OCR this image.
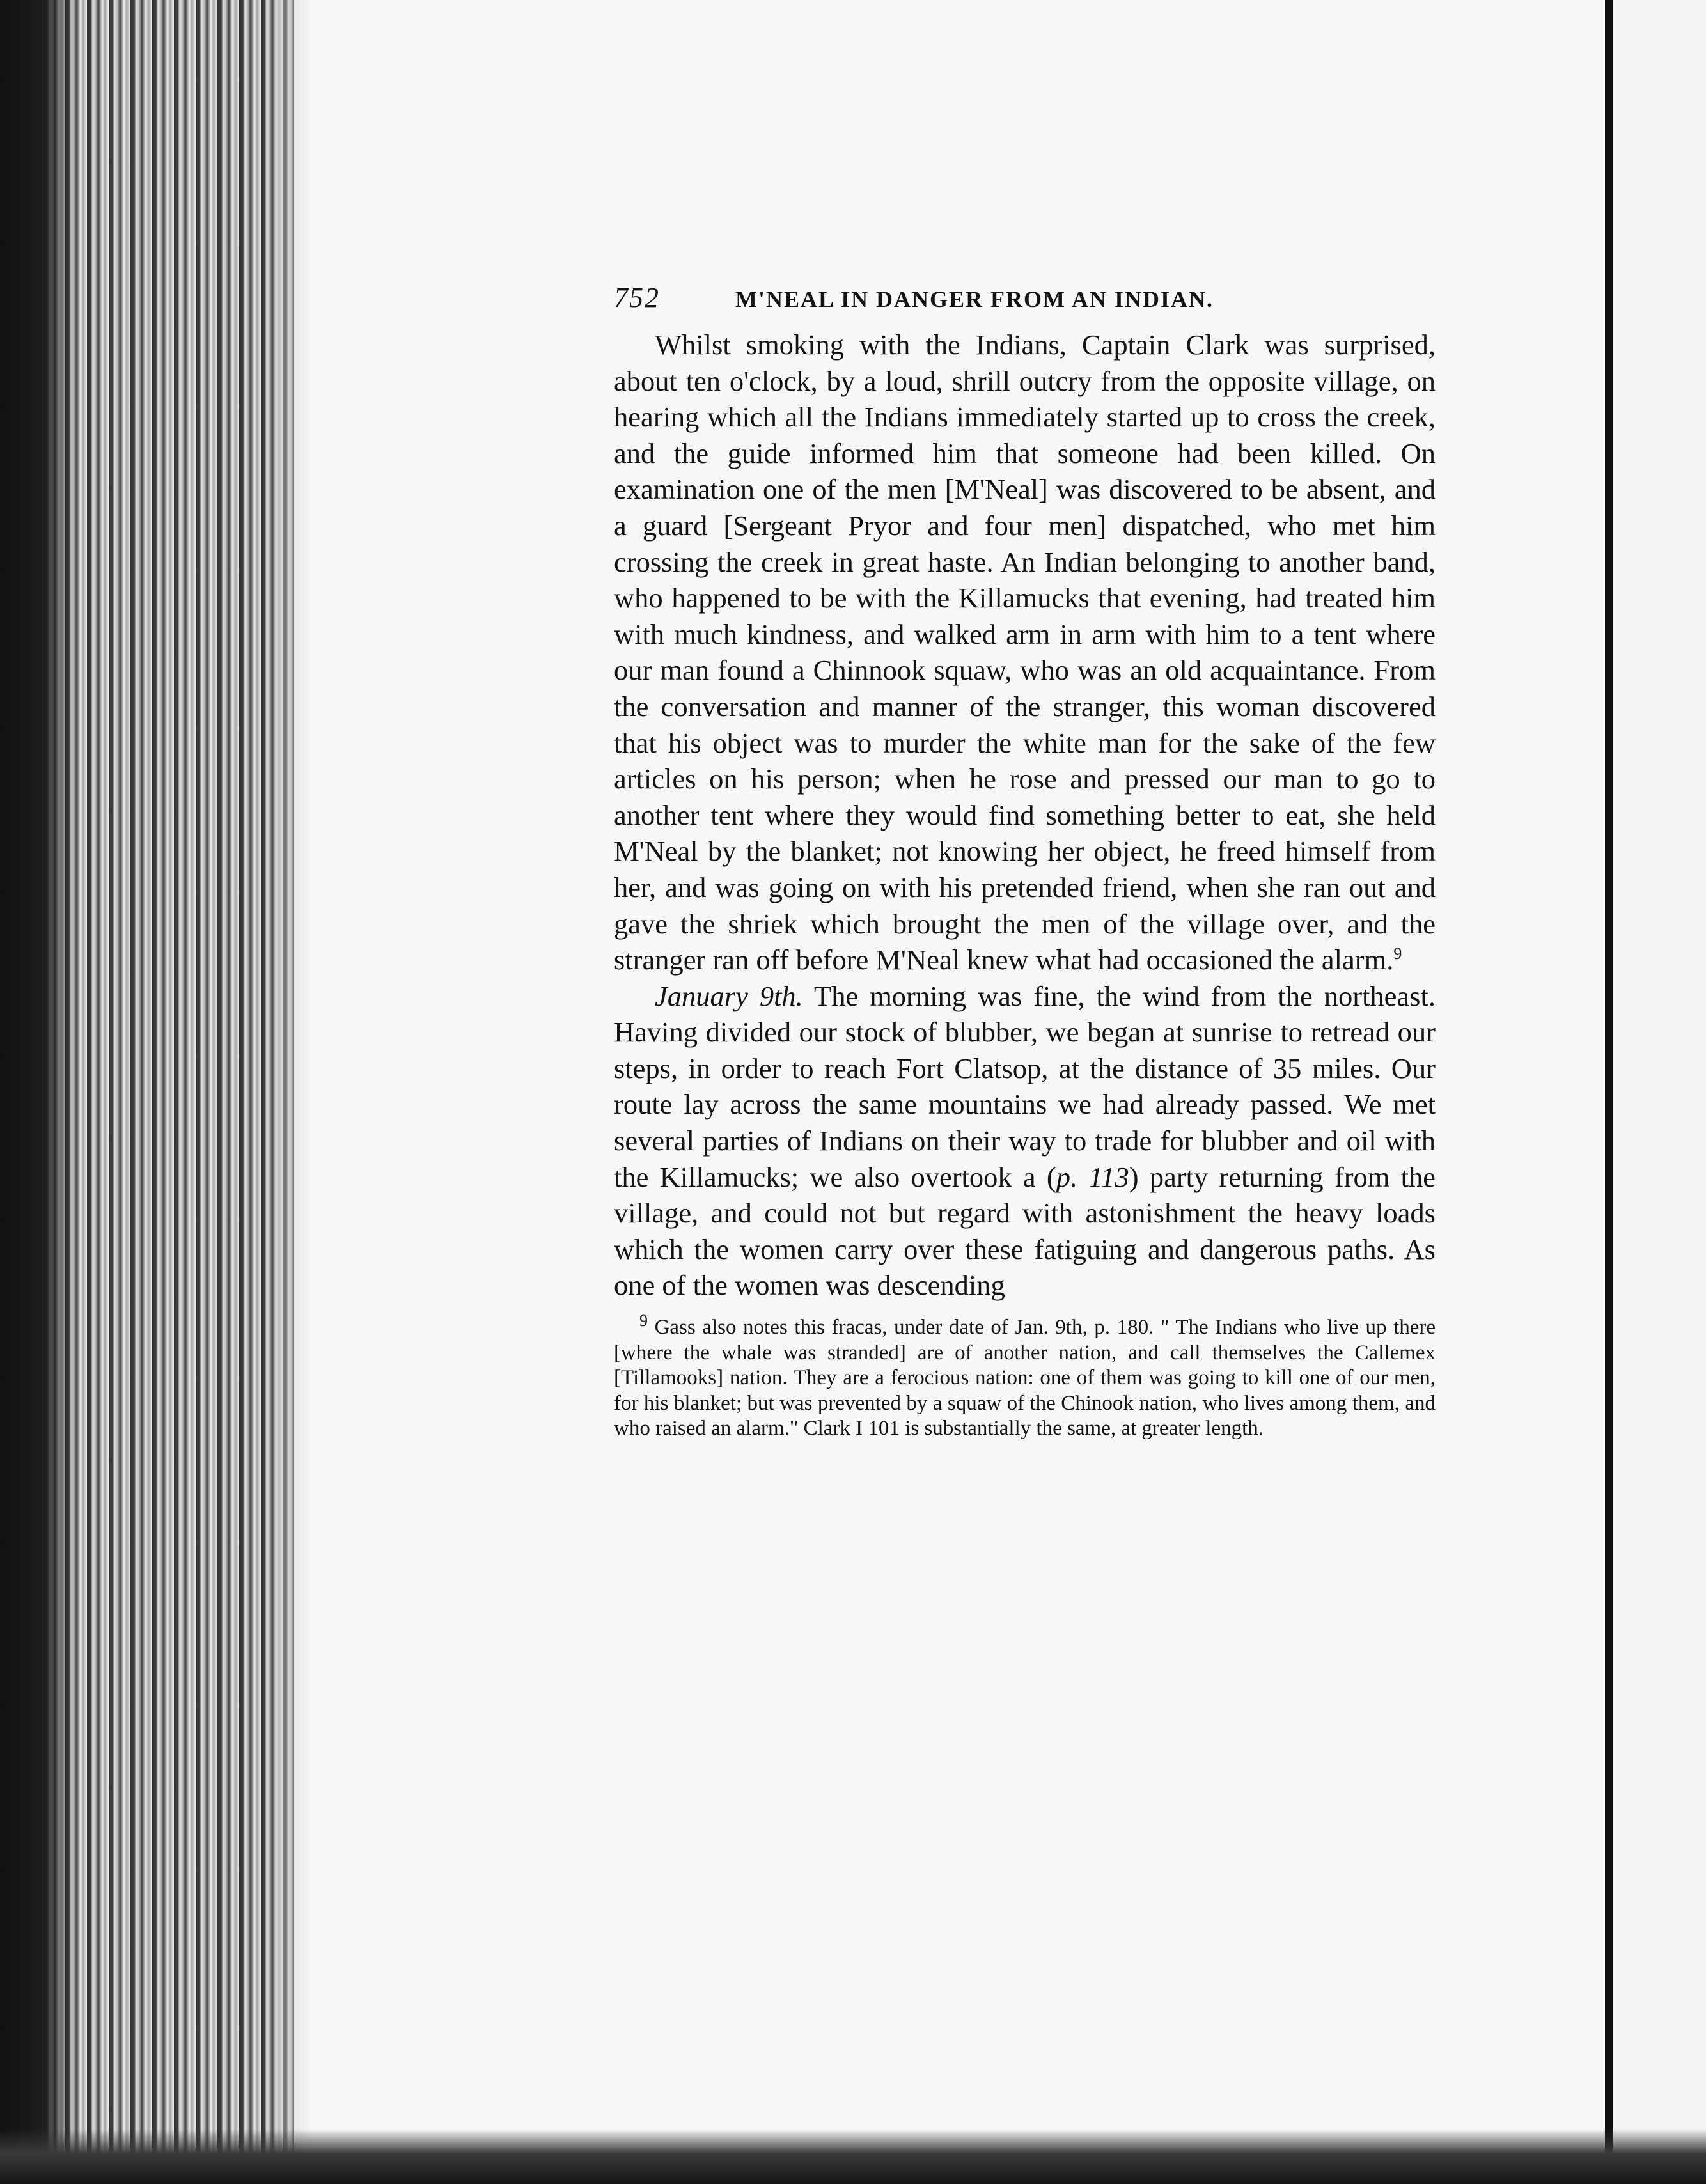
752	M'NEAL IN DANGER FROM AN INDIAN.

Whilst smoking with the Indians, Captain Clark was surprised, about ten o'clock, by a loud, shrill outcry from the opposite village, on hearing which all the Indians immediately started up to cross the creek, and the guide informed him that someone had been killed. On examination one of the men [M'Neal] was discovered to be absent, and a guard [Sergeant Pryor and four men] dispatched, who met him crossing the creek in great haste. An Indian belonging to another band, who happened to be with the Killamucks that evening, had treated him with much kindness, and walked arm in arm with him to a tent where our man found a Chinnook squaw, who was an old acquaintance. From the conversation and manner of the stranger, this woman discovered that his object was to murder the white man for the sake of the few articles on his person; when he rose and pressed our man to go to another tent where they would find something better to eat, she held M'Neal by the blanket; not knowing her object, he freed himself from her, and was going on with his pretended friend, when she ran out and gave the shriek which brought the men of the village over, and the stranger ran off before M'Neal knew what had occasioned the alarm.$^9$

January 9th. The morning was fine, the wind from the northeast. Having divided our stock of blubber, we began at sunrise to retread our steps, in order to reach Fort Clatsop, at the distance of 35 miles. Our route lay across the same mountains we had already passed. We met several parties of Indians on their way to trade for blubber and oil with the Killamucks; we also overtook a (p. 113) party returning from the village, and could not but regard with astonishment the heavy loads which the women carry over these fatiguing and dangerous paths. As one of the women was descending

$^9$ Gass also notes this fracas, under date of Jan. 9th, p. 180. " The Indians who live up there [where the whale was stranded] are of another nation, and call themselves the Callemex [Tillamooks] nation. They are a ferocious nation: one of them was going to kill one of our men, for his blanket; but was prevented by a squaw of the Chinook nation, who lives among them, and who raised an alarm." Clark I 101 is substantially the same, at greater length.
